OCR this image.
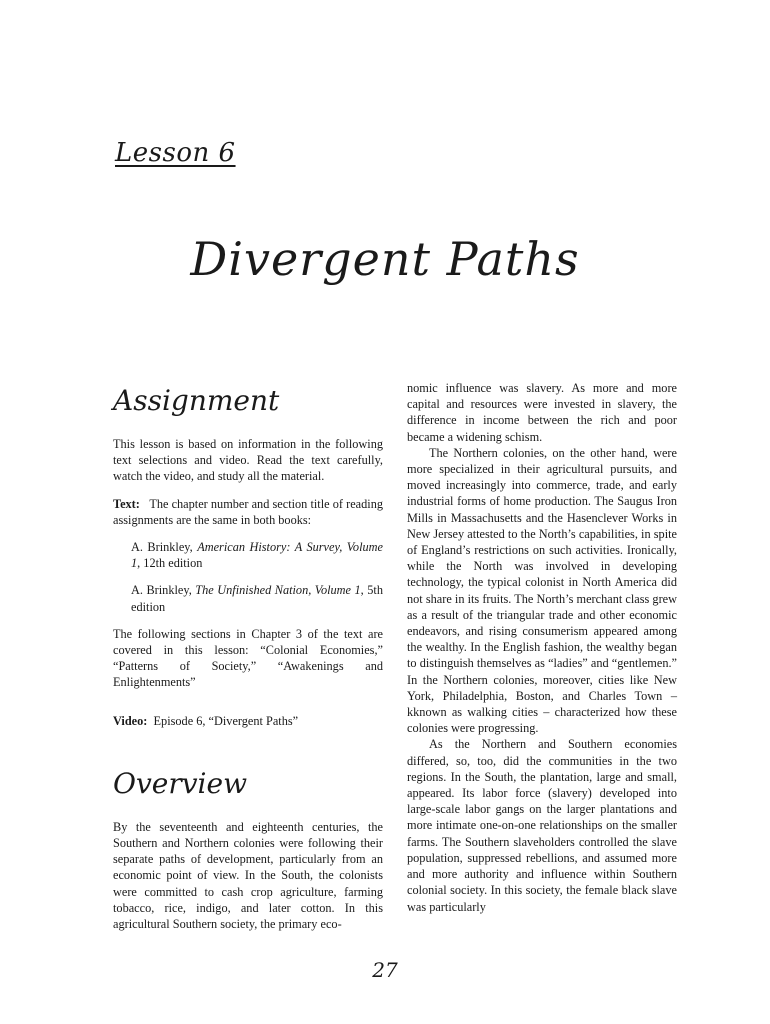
Lesson 6
Divergent Paths
Assignment

This lesson is based on information in the following text selections and video. Read the text carefully, watch the video, and study all the material.

Text: The chapter number and section title of reading assignments are the same in both books:

A. Brinkley, American History: A Survey, Volume 1, 12th edition

A. Brinkley, The Unfinished Nation, Volume 1, 5th edition

The following sections in Chapter 3 of the text are covered in this lesson: “Colonial Economies,” “Patterns of Society,” “Awakenings and Enlightenments”

Video: Episode 6, “Divergent Paths”

Overview

By the seventeenth and eighteenth centuries, the Southern and Northern colonies were following their separate paths of development, particularly from an economic point of view. In the South, the colonists were committed to cash crop agriculture, farming tobacco, rice, indigo, and later cotton. In this agricultural Southern society, the primary eco-

nomic influence was slavery. As more and more capital and resources were invested in slavery, the difference in income between the rich and poor became a widening schism.

The Northern colonies, on the other hand, were more specialized in their agricultural pursuits, and moved increasingly into commerce, trade, and early industrial forms of home production. The Saugus Iron Mills in Massachusetts and the Hasenclever Works in New Jersey attested to the North’s capabilities, in spite of England’s restrictions on such activities. Ironically, while the North was involved in developing technology, the typical colonist in North America did not share in its fruits. The North’s merchant class grew as a result of the triangular trade and other economic endeavors, and rising consumerism appeared among the wealthy. In the English fashion, the wealthy began to distinguish themselves as “ladies” and “gentlemen.” In the Northern colonies, moreover, cities like New York, Philadelphia, Boston, and Charles Town – kknown as walking cities – characterized how these colonies were progressing.

As the Northern and Southern economies differed, so, too, did the communities in the two regions. In the South, the plantation, large and small, appeared. Its labor force (slavery) developed into large-scale labor gangs on the larger plantations and more intimate one-on-one relationships on the smaller farms. The Southern slaveholders controlled the slave population, suppressed rebellions, and assumed more and more authority and influence within Southern colonial society. In this society, the female black slave was particularly

27
